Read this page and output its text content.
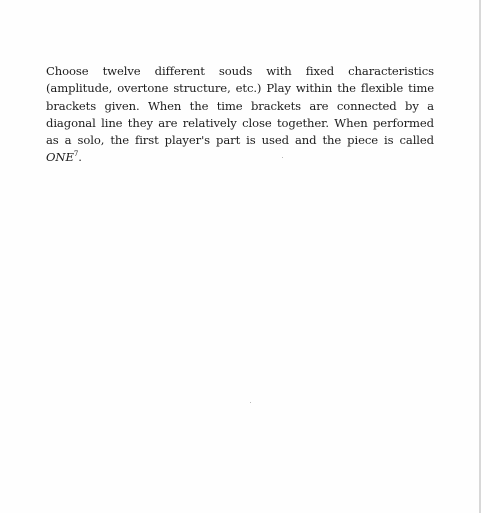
Choose twelve different souds with fixed characteristics (amplitude, overtone structure, etc.) Play within the flexible time brackets given. When the time brackets are connected by a diagonal line they are relatively close together. When performed as a solo, the first player's part is used and the piece is called ONE$^7$.
